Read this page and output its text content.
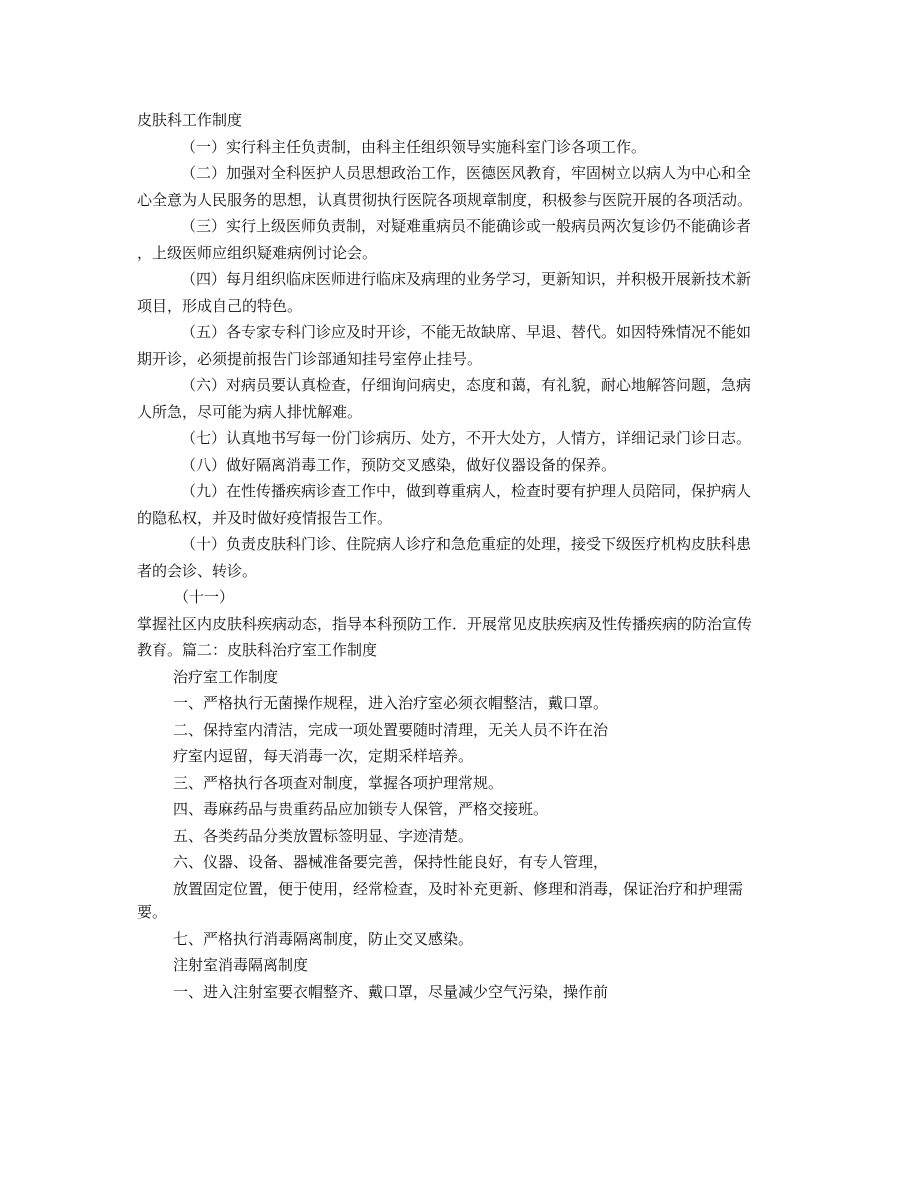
皮肤科工作制度
（一）实行科主任负责制，由科主任组织领导实施科室门诊各项工作。
（二）加强对全科医护人员思想政治工作，医德医风教育，牢固树立以病人为中心和全
心全意为人民服务的思想，认真贯彻执行医院各项规章制度，积极参与医院开展的各项活动。
（三）实行上级医师负责制，对疑难重病员不能确诊或一般病员两次复诊仍不能确诊者
，上级医师应组织疑难病例讨论会。
（四）每月组织临床医师进行临床及病理的业务学习，更新知识，并积极开展新技术新
项目，形成自己的特色。
（五）各专家专科门诊应及时开诊，不能无故缺席、早退、替代。如因特殊情况不能如
期开诊，必须提前报告门诊部通知挂号室停止挂号。
（六）对病员要认真检查，仔细询问病史，态度和蔼，有礼貌，耐心地解答问题，急病
人所急，尽可能为病人排忧解难。
（七）认真地书写每一份门诊病历、处方，不开大处方，人情方，详细记录门诊日志。
（八）做好隔离消毒工作，预防交叉感染，做好仪器设备的保养。
（九）在性传播疾病诊查工作中，做到尊重病人，检查时要有护理人员陪同，保护病人
的隐私权，并及时做好疫情报告工作。
（十）负责皮肤科门诊、住院病人诊疗和急危重症的处理，接受下级医疗机构皮肤科患
者的会诊、转诊。
（十一）
掌握社区内皮肤科疾病动态，指导本科预防工作．开展常见皮肤疾病及性传播疾病的防治宣传
教育。篇二：皮肤科治疗室工作制度
治疗室工作制度
一、严格执行无菌操作规程，进入治疗室必须衣帽整洁，戴口罩。
二、保持室内清洁，完成一项处置要随时清理，无关人员不许在治
疗室内逗留，每天消毒一次，定期采样培养。
三、严格执行各项查对制度，掌握各项护理常规。
四、毒麻药品与贵重药品应加锁专人保管，严格交接班。
五、各类药品分类放置标签明显、字迹清楚。
六、仪器、设备、器械准备要完善，保持性能良好，有专人管理，
放置固定位置，便于使用，经常检查，及时补充更新、修理和消毒，保证治疗和护理需
要。
七、严格执行消毒隔离制度，防止交叉感染。
注射室消毒隔离制度
一、进入注射室要衣帽整齐、戴口罩，尽量减少空气污染，操作前
